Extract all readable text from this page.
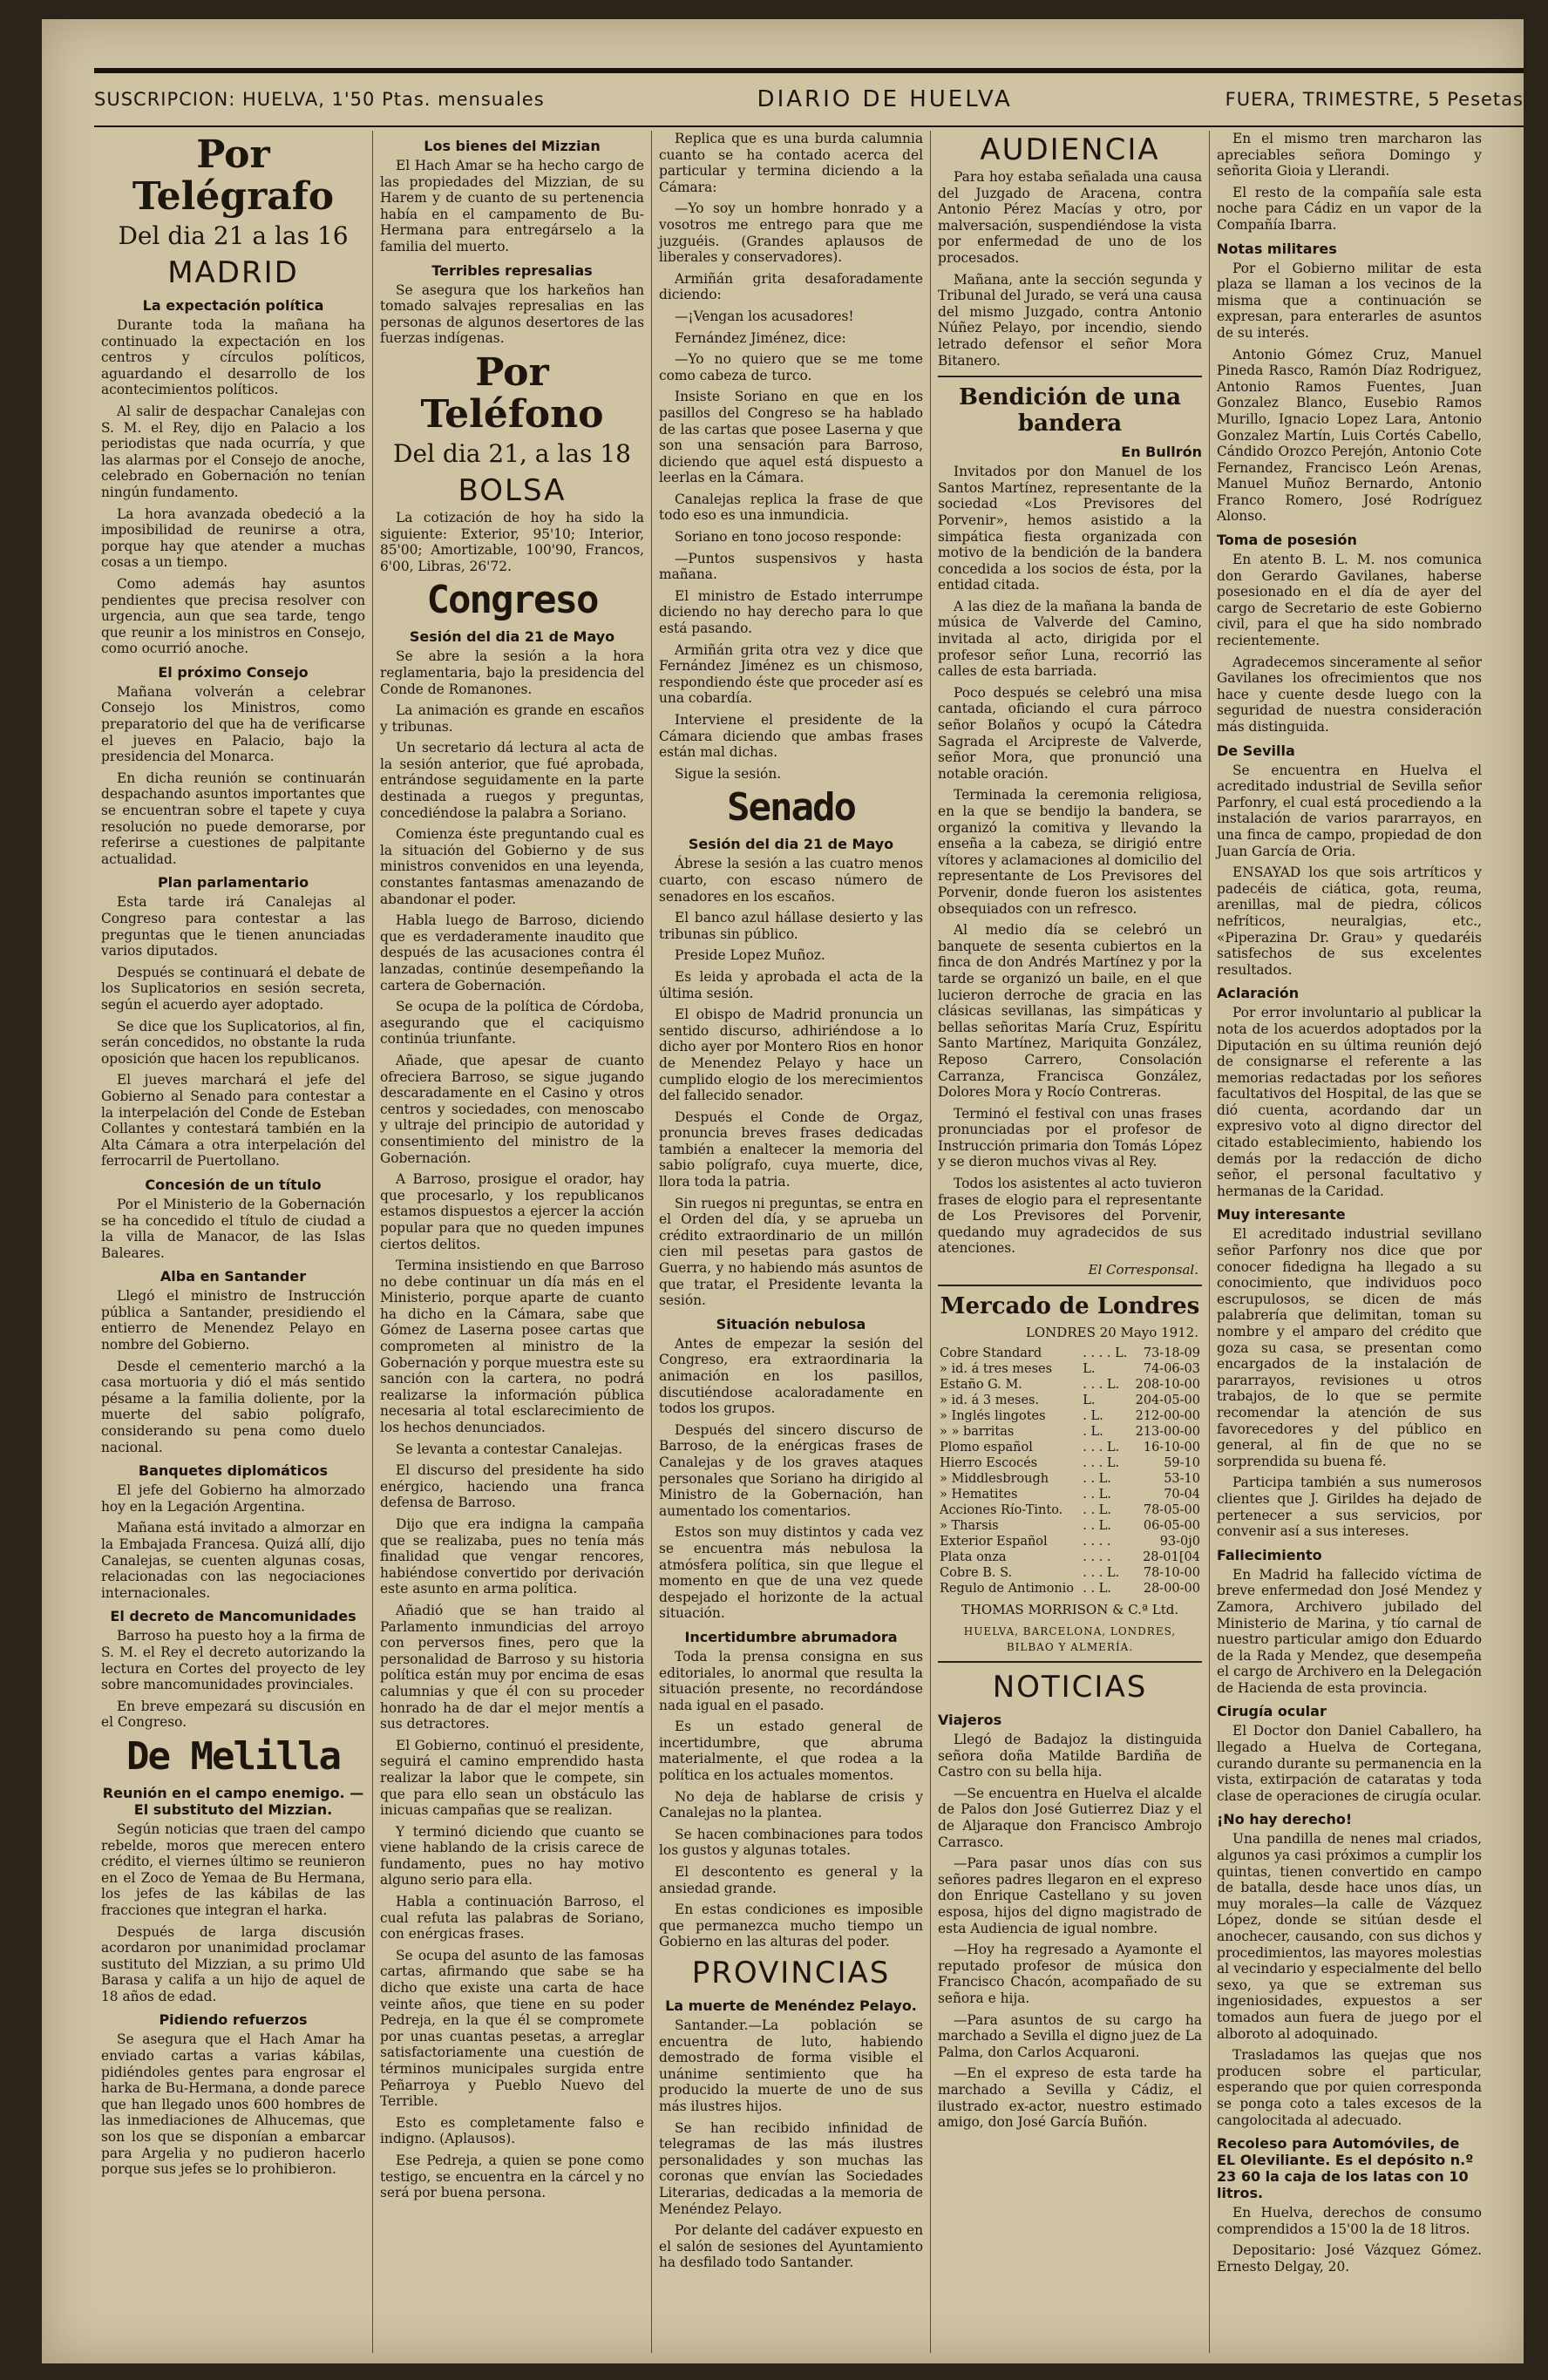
SUSCRIPCION: HUELVA, 1'50 Ptas. mensuales	DIARIO DE HUELVA	FUERA, TRIMESTRE, 5 Pesetas
Por Telégrafo
Del dia 21 a las 16
MADRID
La expectación política

Durante toda la mañana ha continuado la expectación en los centros y círculos políticos, aguardando el desarrollo de los acontecimientos políticos.

Al salir de despachar Canalejas con S. M. el Rey, dijo en Palacio a los periodistas que nada ocurría, y que las alarmas por el Consejo de anoche, celebrado en Gobernación no tenían ningún fundamento.

La hora avanzada obedeció a la imposibilidad de reunirse a otra, porque hay que atender a muchas cosas a un tiempo.

Como además hay asuntos pendientes que precisa resolver con urgencia, aun que sea tarde, tengo que reunir a los ministros en Consejo, como ocurrió anoche.

El próximo Consejo

Mañana volverán a celebrar Consejo los Ministros, como preparatorio del que ha de verificarse el jueves en Palacio, bajo la presidencia del Monarca.

En dicha reunión se continuarán despachando asuntos importantes que se encuentran sobre el tapete y cuya resolución no puede demorarse, por referirse a cuestiones de palpitante actualidad.

Plan parlamentario

Esta tarde irá Canalejas al Congreso para contestar a las preguntas que le tienen anunciadas varios diputados.

Después se continuará el debate de los Suplicatorios en sesión secreta, según el acuerdo ayer adoptado.

Se dice que los Suplicatorios, al fin, serán concedidos, no obstante la ruda oposición que hacen los republicanos.

El jueves marchará el jefe del Gobierno al Senado para contestar a la interpelación del Conde de Esteban Collantes y contestará también en la Alta Cámara a otra interpelación del ferrocarril de Puertollano.

Concesión de un título

Por el Ministerio de la Gobernación se ha concedido el título de ciudad a la villa de Manacor, de las Islas Baleares.

Alba en Santander

Llegó el ministro de Instrucción pública a Santander, presidiendo el entierro de Menendez Pelayo en nombre del Gobierno.

Desde el cementerio marchó a la casa mortuoria y dió el más sentido pésame a la familia doliente, por la muerte del sabio polígrafo, considerando su pena como duelo nacional.

Banquetes diplomáticos

El jefe del Gobierno ha almorzado hoy en la Legación Argentina.

Mañana está invitado a almorzar en la Embajada Francesa. Quizá allí, dijo Canalejas, se cuenten algunas cosas, relacionadas con las negociaciones internacionales.

El decreto de Mancomunidades

Barroso ha puesto hoy a la firma de S. M. el Rey el decreto autorizando la lectura en Cortes del proyecto de ley sobre mancomunidades provinciales.

En breve empezará su discusión en el Congreso.

De Melilla
Reunión en el campo enemigo. —El substituto del Mizzian.

Según noticias que traen del campo rebelde, moros que merecen entero crédito, el viernes último se reunieron en el Zoco de Yemaa de Bu Hermana, los jefes de las kábilas de las fracciones que integran el harka.

Después de larga discusión acordaron por unanimidad proclamar sustituto del Mizzian, a su primo Uld Barasa y califa a un hijo de aquel de 18 años de edad.

Pidiendo refuerzos

Se asegura que el Hach Amar ha enviado cartas a varias kábilas, pidiéndoles gentes para engrosar el harka de Bu-Hermana, a donde parece que han llegado unos 600 hombres de las inmediaciones de Alhucemas, que son los que se disponían a embarcar para Argelia y no pudieron hacerlo porque sus jefes se lo prohibieron.

Los bienes del Mizzian

El Hach Amar se ha hecho cargo de las propiedades del Mizzian, de su Harem y de cuanto de su pertenencia había en el campamento de Bu-Hermana para entregárselo a la familia del muerto.

Terribles represalias

Se asegura que los harkeños han tomado salvajes represalias en las personas de algunos desertores de las fuerzas indígenas.

Por Teléfono
Del dia 21, a las 18
BOLSA

La cotización de hoy ha sido la siguiente: Exterior, 95'10; Interior, 85'00; Amortizable, 100'90, Francos, 6'00, Libras, 26'72.

Congreso
Sesión del dia 21 de Mayo

Se abre la sesión a la hora reglamentaria, bajo la presidencia del Conde de Romanones.

La animación es grande en escaños y tribunas.

Un secretario dá lectura al acta de la sesión anterior, que fué aprobada, entrándose seguidamente en la parte destinada a ruegos y preguntas, concediéndose la palabra a Soriano.

Comienza éste preguntando cual es la situación del Gobierno y de sus ministros convenidos en una leyenda, constantes fantasmas amenazando de abandonar el poder.

Habla luego de Barroso, diciendo que es verdaderamente inaudito que después de las acusaciones contra él lanzadas, continúe desempeñando la cartera de Gobernación.

Se ocupa de la política de Córdoba, asegurando que el caciquismo continúa triunfante.

Añade, que apesar de cuanto ofreciera Barroso, se sigue jugando descaradamente en el Casino y otros centros y sociedades, con menoscabo y ultraje del principio de autoridad y consentimiento del ministro de la Gobernación.

A Barroso, prosigue el orador, hay que procesarlo, y los republicanos estamos dispuestos a ejercer la acción popular para que no queden impunes ciertos delitos.

Termina insistiendo en que Barroso no debe continuar un día más en el Ministerio, porque aparte de cuanto ha dicho en la Cámara, sabe que Gómez de Laserna posee cartas que comprometen al ministro de la Gobernación y porque muestra este su sanción con la cartera, no podrá realizarse la información pública necesaria al total esclarecimiento de los hechos denunciados.

Se levanta a contestar Canalejas.

El discurso del presidente ha sido enérgico, haciendo una franca defensa de Barroso.

Dijo que era indigna la campaña que se realizaba, pues no tenía más finalidad que vengar rencores, habiéndose convertido por derivación este asunto en arma política.

Añadió que se han traido al Parlamento inmundicias del arroyo con perversos fines, pero que la personalidad de Barroso y su historia política están muy por encima de esas calumnias y que él con su proceder honrado ha de dar el mejor mentís a sus detractores.

El Gobierno, continuó el presidente, seguirá el camino emprendido hasta realizar la labor que le compete, sin que para ello sean un obstáculo las inicuas campañas que se realizan.

Y terminó diciendo que cuanto se viene hablando de la crisis carece de fundamento, pues no hay motivo alguno serio para ella.

Habla a continuación Barroso, el cual refuta las palabras de Soriano, con enérgicas frases.

Se ocupa del asunto de las famosas cartas, afirmando que sabe se ha dicho que existe una carta de hace veinte años, que tiene en su poder Pedreja, en la que él se compromete por unas cuantas pesetas, a arreglar satisfactoriamente una cuestión de términos municipales surgida entre Peñarroya y Pueblo Nuevo del Terrible.

Esto es completamente falso e indigno. (Aplausos).

Ese Pedreja, a quien se pone como testigo, se encuentra en la cárcel y no será por buena persona.

Replica que es una burda calumnia cuanto se ha contado acerca del particular y termina diciendo a la Cámara:

—Yo soy un hombre honrado y a vosotros me entrego para que me juzguéis. (Grandes aplausos de liberales y conservadores).

Armiñán grita desaforadamente diciendo:

—¡Vengan los acusadores!

Fernández Jiménez, dice:

—Yo no quiero que se me tome como cabeza de turco.

Insiste Soriano en que en los pasillos del Congreso se ha hablado de las cartas que posee Laserna y que son una sensación para Barroso, diciendo que aquel está dispuesto a leerlas en la Cámara.

Canalejas replica la frase de que todo eso es una inmundicia.

Soriano en tono jocoso responde:

—Puntos suspensivos y hasta mañana.

El ministro de Estado interrumpe diciendo no hay derecho para lo que está pasando.

Armiñán grita otra vez y dice que Fernández Jiménez es un chismoso, respondiendo éste que proceder así es una cobardía.

Interviene el presidente de la Cámara diciendo que ambas frases están mal dichas.

Sigue la sesión.

Senado
Sesión del dia 21 de Mayo

Ábrese la sesión a las cuatro menos cuarto, con escaso número de senadores en los escaños.

El banco azul hállase desierto y las tribunas sin público.

Preside Lopez Muñoz.

Es leida y aprobada el acta de la última sesión.

El obispo de Madrid pronuncia un sentido discurso, adhiriéndose a lo dicho ayer por Montero Rios en honor de Menendez Pelayo y hace un cumplido elogio de los merecimientos del fallecido senador.

Después el Conde de Orgaz, pronuncia breves frases dedicadas también a enaltecer la memoria del sabio polígrafo, cuya muerte, dice, llora toda la patria.

Sin ruegos ni preguntas, se entra en el Orden del día, y se aprueba un crédito extraordinario de un millón cien mil pesetas para gastos de Guerra, y no habiendo más asuntos de que tratar, el Presidente levanta la sesión.

Situación nebulosa

Antes de empezar la sesión del Congreso, era extraordinaria la animación en los pasillos, discutiéndose acaloradamente en todos los grupos.

Después del sincero discurso de Barroso, de la enérgicas frases de Canalejas y de los graves ataques personales que Soriano ha dirigido al Ministro de la Gobernación, han aumentado los comentarios.

Estos son muy distintos y cada vez se encuentra más nebulosa la atmósfera política, sin que llegue el momento en que de una vez quede despejado el horizonte de la actual situación.

Incertidumbre abrumadora

Toda la prensa consigna en sus editoriales, lo anormal que resulta la situación presente, no recordándose nada igual en el pasado.

Es un estado general de incertidumbre, que abruma materialmente, el que rodea a la política en los actuales momentos.

No deja de hablarse de crisis y Canalejas no la plantea.

Se hacen combinaciones para todos los gustos y algunas totales.

El descontento es general y la ansiedad grande.

En estas condiciones es imposible que permanezca mucho tiempo un Gobierno en las alturas del poder.

PROVINCIAS
La muerte de Menéndez Pelayo.

Santander.—La población se encuentra de luto, habiendo demostrado de forma visible el unánime sentimiento que ha producido la muerte de uno de sus más ilustres hijos.

Se han recibido infinidad de telegramas de las más ilustres personalidades y son muchas las coronas que envían las Sociedades Literarias, dedicadas a la memoria de Menéndez Pelayo.

Por delante del cadáver expuesto en el salón de sesiones del Ayuntamiento ha desfilado todo Santander.

AUDIENCIA

Para hoy estaba señalada una causa del Juzgado de Aracena, contra Antonio Pérez Macías y otro, por malversación, suspendiéndose la vista por enfermedad de uno de los procesados.

Mañana, ante la sección segunda y Tribunal del Jurado, se verá una causa del mismo Juzgado, contra Antonio Núñez Pelayo, por incendio, siendo letrado defensor el señor Mora Bitanero.

Bendición de una bandera
En Bullrón

Invitados por don Manuel de los Santos Martínez, representante de la sociedad «Los Previsores del Porvenir», hemos asistido a la simpática fiesta organizada con motivo de la bendición de la bandera concedida a los socios de ésta, por la entidad citada.

A las diez de la mañana la banda de música de Valverde del Camino, invitada al acto, dirigida por el profesor señor Luna, recorrió las calles de esta barriada.

Poco después se celebró una misa cantada, oficiando el cura párroco señor Bolaños y ocupó la Cátedra Sagrada el Arcipreste de Valverde, señor Mora, que pronunció una notable oración.

Terminada la ceremonia religiosa, en la que se bendijo la bandera, se organizó la comitiva y llevando la enseña a la cabeza, se dirigió entre vítores y aclamaciones al domicilio del representante de Los Previsores del Porvenir, donde fueron los asistentes obsequiados con un refresco.

Al medio día se celebró un banquete de sesenta cubiertos en la finca de don Andrés Martínez y por la tarde se organizó un baile, en el que lucieron derroche de gracia en las clásicas sevillanas, las simpáticas y bellas señoritas María Cruz, Espíritu Santo Martínez, Mariquita González, Reposo Carrero, Consolación Carranza, Francisca González, Dolores Mora y Rocío Contreras.

Terminó el festival con unas frases pronunciadas por el profesor de Instrucción primaria don Tomás López y se dieron muchos vivas al Rey.

Todos los asistentes al acto tuvieron frases de elogio para el representante de Los Previsores del Porvenir, quedando muy agradecidos de sus atenciones.

El Corresponsal.
Mercado de Londres
LONDRES 20 Mayo 1912.
Cobre Standard	. . . . L.	73-18-09
» id. á tres meses	L.	74-06-03
Estaño G. M.	. . . L.	208-10-00
» id. á 3 meses.	L.	204-05-00
» Inglés lingotes	. L.	212-00-00
» » barritas	. L.	213-00-00
Plomo español	. . . L.	16-10-00
Hierro Escocés	. . . L.	59-10
» Middlesbrough	. . L.	53-10
» Hematites	. . L.	70-04
Acciones Río-Tinto.	. . L.	78-05-00
» Tharsis	. . L.	06-05-00
Exterior Español	. . . .	93-0j0
Plata onza	. . . .	28-01[04
Cobre B. S.	. . . L.	78-10-00
Regulo de Antimonio	. . L.	28-00-00
THOMAS MORRISON & C.ª Ltd.
HUELVA, BARCELONA, LONDRES, BILBAO Y ALMERÍA.
NOTICIAS
Viajeros

Llegó de Badajoz la distinguida señora doña Matilde Bardiña de Castro con su bella hija.

—Se encuentra en Huelva el alcalde de Palos don José Gutierrez Diaz y el de Aljaraque don Francisco Ambrojo Carrasco.

—Para pasar unos días con sus señores padres llegaron en el expreso don Enrique Castellano y su joven esposa, hijos del digno magistrado de esta Audiencia de igual nombre.

—Hoy ha regresado a Ayamonte el reputado profesor de música don Francisco Chacón, acompañado de su señora e hija.

—Para asuntos de su cargo ha marchado a Sevilla el digno juez de La Palma, don Carlos Acquaroni.

—En el expreso de esta tarde ha marchado a Sevilla y Cádiz, el ilustrado ex-actor, nuestro estimado amigo, don José García Buñón.

En el mismo tren marcharon las apreciables señora Domingo y señorita Gioia y Llerandi.

El resto de la compañía sale esta noche para Cádiz en un vapor de la Compañía Ibarra.

Notas militares

Por el Gobierno militar de esta plaza se llaman a los vecinos de la misma que a continuación se expresan, para enterarles de asuntos de su interés.

Antonio Gómez Cruz, Manuel Pineda Rasco, Ramón Díaz Rodriguez, Antonio Ramos Fuentes, Juan Gonzalez Blanco, Eusebio Ramos Murillo, Ignacio Lopez Lara, Antonio Gonzalez Martín, Luis Cortés Cabello, Cándido Orozco Perejón, Antonio Cote Fernandez, Francisco León Arenas, Manuel Muñoz Bernardo, Antonio Franco Romero, José Rodríguez Alonso.

Toma de posesión

En atento B. L. M. nos comunica don Gerardo Gavilanes, haberse posesionado en el día de ayer del cargo de Secretario de este Gobierno civil, para el que ha sido nombrado recientemente.

Agradecemos sinceramente al señor Gavilanes los ofrecimientos que nos hace y cuente desde luego con la seguridad de nuestra consideración más distinguida.

De Sevilla

Se encuentra en Huelva el acreditado industrial de Sevilla señor Parfonry, el cual está procediendo a la instalación de varios pararrayos, en una finca de campo, propiedad de don Juan García de Oria.

ENSAYAD los que sois artríticos y padecéis de ciática, gota, reuma, arenillas, mal de piedra, cólicos nefríticos, neuralgias, etc., «Piperazina Dr. Grau» y quedaréis satisfechos de sus excelentes resultados.

Aclaración

Por error involuntario al publicar la nota de los acuerdos adoptados por la Diputación en su última reunión dejó de consignarse el referente a las memorias redactadas por los señores facultativos del Hospital, de las que se dió cuenta, acordando dar un expresivo voto al digno director del citado establecimiento, habiendo los demás por la redacción de dicho señor, el personal facultativo y hermanas de la Caridad.

Muy interesante

El acreditado industrial sevillano señor Parfonry nos dice que por conocer fidedigna ha llegado a su conocimiento, que individuos poco escrupulosos, se dicen de más palabrería que delimitan, toman su nombre y el amparo del crédito que goza su casa, se presentan como encargados de la instalación de pararrayos, revisiones u otros trabajos, de lo que se permite recomendar la atención de sus favorecedores y del público en general, al fin de que no se sorprendida su buena fé.

Participa también a sus numerosos clientes que J. Girildes ha dejado de pertenecer a sus servicios, por convenir así a sus intereses.

Fallecimiento

En Madrid ha fallecido víctima de breve enfermedad don José Mendez y Zamora, Archivero jubilado del Ministerio de Marina, y tío carnal de nuestro particular amigo don Eduardo de la Rada y Mendez, que desempeña el cargo de Archivero en la Delegación de Hacienda de esta provincia.

Cirugía ocular

El Doctor don Daniel Caballero, ha llegado a Huelva de Cortegana, curando durante su permanencia en la vista, extirpación de cataratas y toda clase de operaciones de cirugía ocular.

¡No hay derecho!

Una pandilla de nenes mal criados, algunos ya casi próximos a cumplir los quintas, tienen convertido en campo de batalla, desde hace unos días, un muy morales—la calle de Vázquez López, donde se sitúan desde el anochecer, causando, con sus dichos y procedimientos, las mayores molestias al vecindario y especialmente del bello sexo, ya que se extreman sus ingeniosidades, expuestos a ser tomados aun fuera de juego por el alboroto al adoquinado.

Trasladamos las quejas que nos producen sobre el particular, esperando que por quien corresponda se ponga coto a tales excesos de la cangolocitada al adecuado.

Recoleso para Automóviles, de EL Oleviliante. Es el depósito n.º 23 60 la caja de los latas con 10 litros.

En Huelva, derechos de consumo comprendidos a 15'00 la de 18 litros.

Depositario: José Vázquez Gómez. Ernesto Delgay, 20.
